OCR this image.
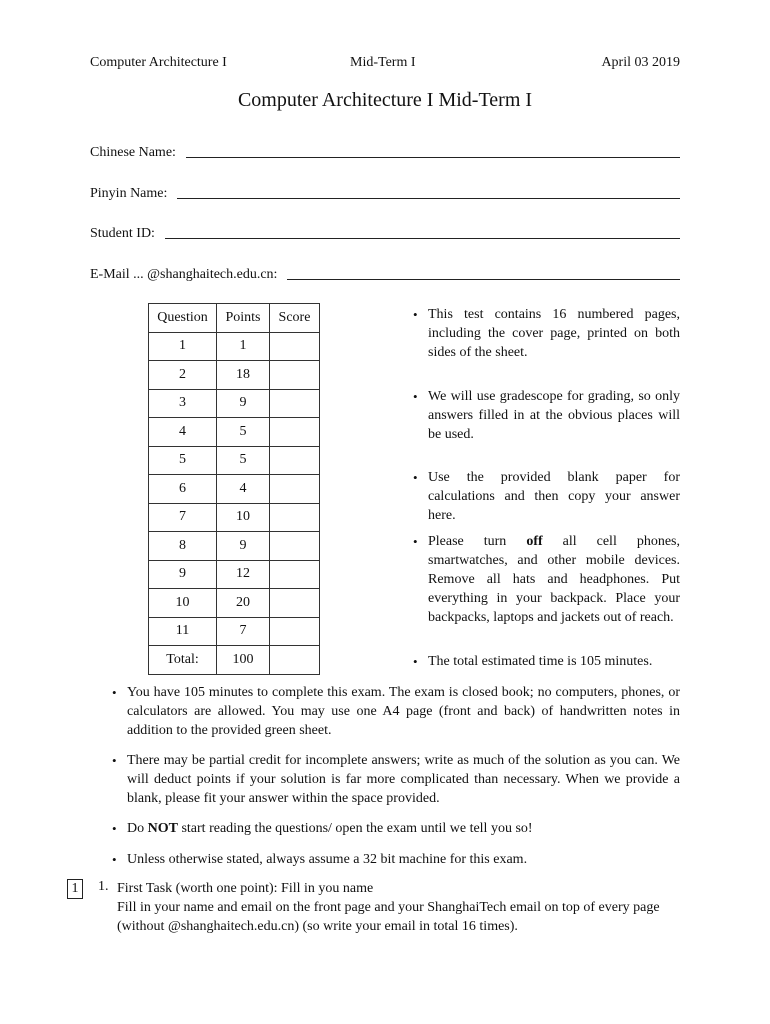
Computer Architecture I	Mid-Term I	April 03 2019
Computer Architecture I Mid-Term I
Chinese Name:
Pinyin Name:
Student ID:
E-Mail ... @shanghaitech.edu.cn:
Question	Points	Score
1	1	
2	18	
3	9	
4	5	
5	5	
6	4	
7	10	
8	9	
9	12	
10	20	
11	7	
Total:	100	
• This test contains 16 numbered pages, including the cover page, printed on both sides of the sheet.
• We will use gradescope for grading, so only answers filled in at the obvious places will be used.
• Use the provided blank paper for calculations and then copy your answer here.
• Please turn off all cell phones, smartwatches, and other mobile devices. Remove all hats and headphones. Put everything in your backpack. Place your backpacks, laptops and jackets out of reach.
• The total estimated time is 105 minutes.
• You have 105 minutes to complete this exam. The exam is closed book; no computers, phones, or calculators are allowed. You may use one A4 page (front and back) of handwritten notes in addition to the provided green sheet.
• There may be partial credit for incomplete answers; write as much of the solution as you can. We will deduct points if your solution is far more complicated than necessary. When we provide a blank, please fit your answer within the space provided.
• Do NOT start reading the questions/ open the exam until we tell you so!
• Unless otherwise stated, always assume a 32 bit machine for this exam.
1	1. First Task (worth one point): Fill in you name
Fill in your name and email on the front page and your ShanghaiTech email on top of every page (without @shanghaitech.edu.cn) (so write your email in total 16 times).
